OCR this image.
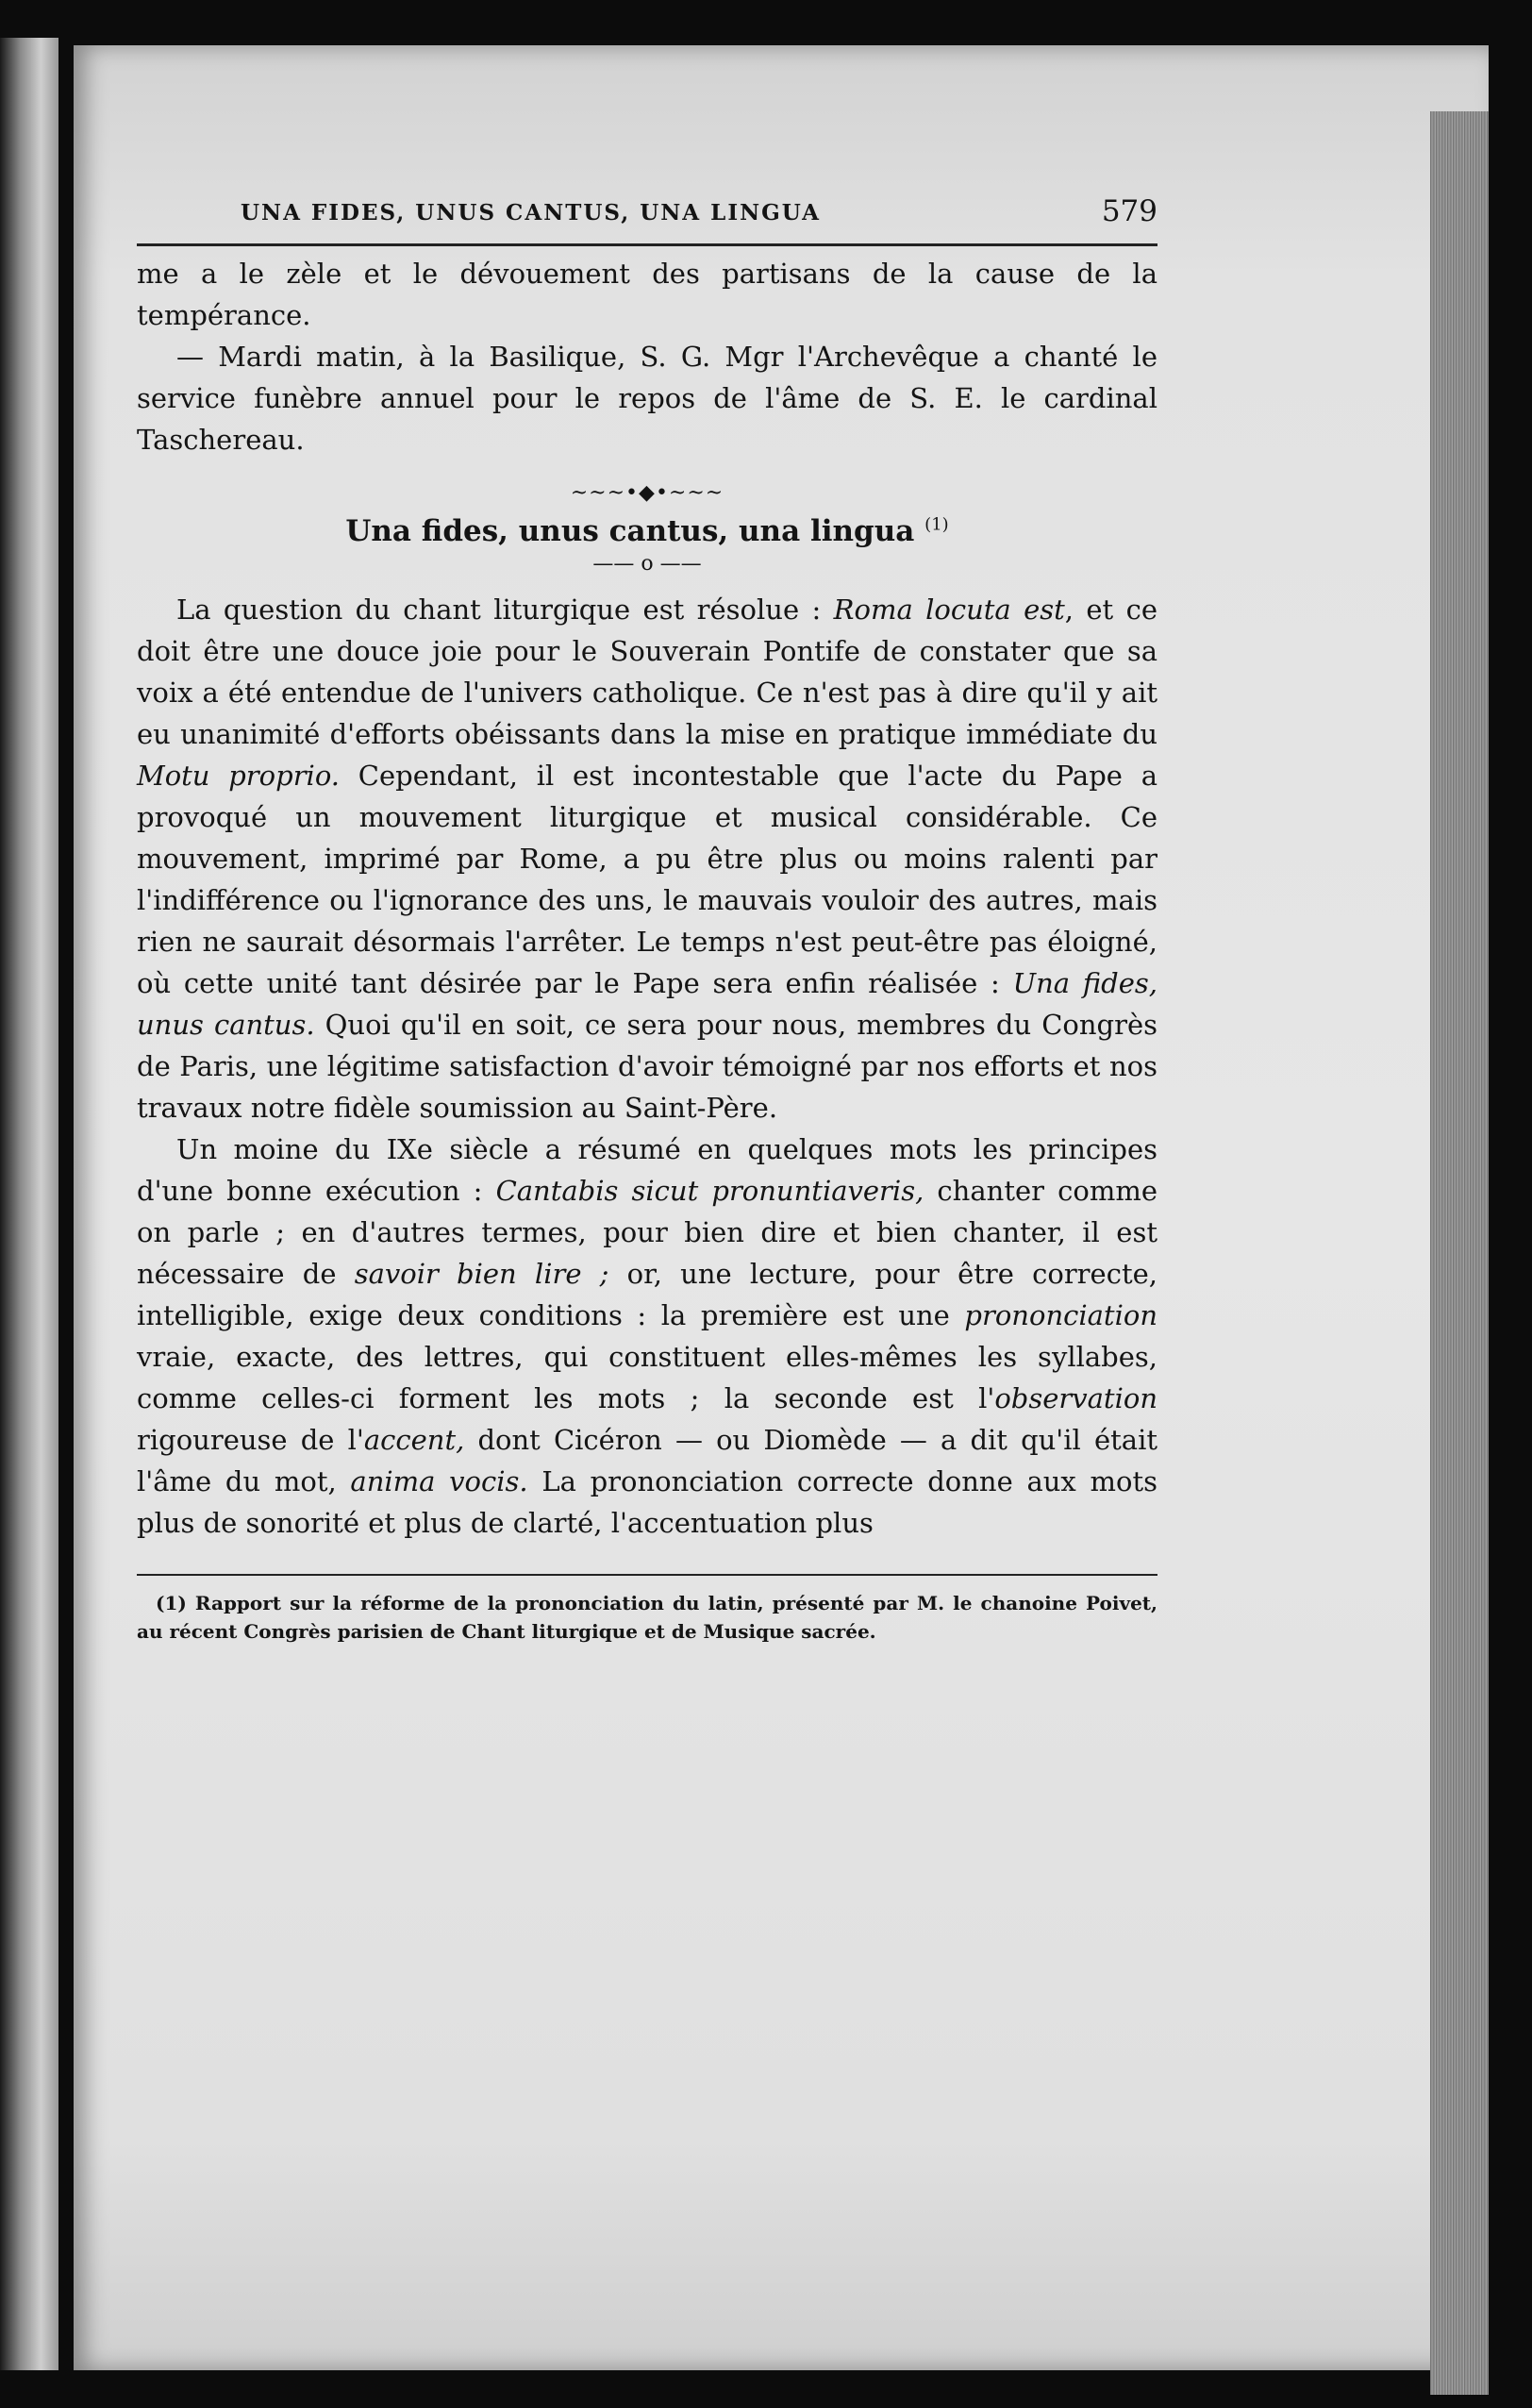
UNA FIDES, UNUS CANTUS, UNA LINGUA	579

me a le zèle et le dévouement des partisans de la cause de la tempérance.

— Mardi matin, à la Basilique, S. G. Mgr l'Archevêque a chanté le service funèbre annuel pour le repos de l'âme de S. E. le cardinal Taschereau.

~~~•◆•~~~
Una fides, unus cantus, una lingua $^{(1)}$
—— o ——

La question du chant liturgique est résolue : Roma locuta est, et ce doit être une douce joie pour le Souverain Pontife de constater que sa voix a été entendue de l'univers catholique. Ce n'est pas à dire qu'il y ait eu unanimité d'efforts obéissants dans la mise en pratique immédiate du Motu proprio. Cependant, il est incontestable que l'acte du Pape a provoqué un mouvement liturgique et musical considérable. Ce mouvement, imprimé par Rome, a pu être plus ou moins ralenti par l'indifférence ou l'ignorance des uns, le mauvais vouloir des autres, mais rien ne saurait désormais l'arrêter. Le temps n'est peut-être pas éloigné, où cette unité tant désirée par le Pape sera enfin réalisée : Una fides, unus cantus. Quoi qu'il en soit, ce sera pour nous, membres du Congrès de Paris, une légitime satisfaction d'avoir témoigné par nos efforts et nos travaux notre fidèle soumission au Saint-Père.

Un moine du IXe siècle a résumé en quelques mots les principes d'une bonne exécution : Cantabis sicut pronuntiaveris, chanter comme on parle ; en d'autres termes, pour bien dire et bien chanter, il est nécessaire de savoir bien lire ; or, une lecture, pour être correcte, intelligible, exige deux conditions : la première est une prononciation vraie, exacte, des lettres, qui constituent elles-mêmes les syllabes, comme celles-ci forment les mots ; la seconde est l'observation rigoureuse de l'accent, dont Cicéron — ou Diomède — a dit qu'il était l'âme du mot, anima vocis. La prononciation correcte donne aux mots plus de sonorité et plus de clarté, l'accentuation plus

(1) Rapport sur la réforme de la prononciation du latin, présenté par M. le chanoine Poivet, au récent Congrès parisien de Chant liturgique et de Musique sacrée.
